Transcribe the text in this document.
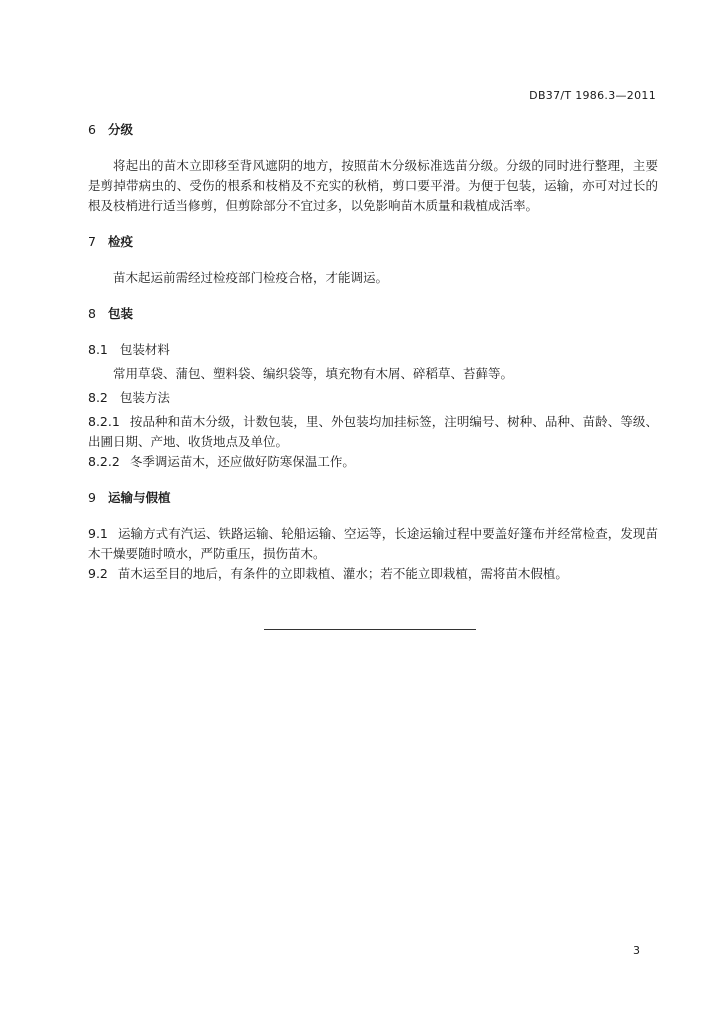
DB37/T 1986.3—2011

6 分级

将起出的苗木立即移至背风遮阴的地方，按照苗木分级标准选苗分级。分级的同时进行整理，主要是剪掉带病虫的、受伤的根系和枝梢及不充实的秋梢，剪口要平滑。为便于包装，运输，亦可对过长的根及枝梢进行适当修剪，但剪除部分不宜过多，以免影响苗木质量和栽植成活率。

7 检疫

苗木起运前需经过检疫部门检疫合格，才能调运。

8 包装

8.1 包装材料

常用草袋、蒲包、塑料袋、编织袋等，填充物有木屑、碎稻草、苔藓等。

8.2 包装方法

8.2.1 按品种和苗木分级，计数包装，里、外包装均加挂标签，注明编号、树种、品种、苗龄、等级、出圃日期、产地、收货地点及单位。

8.2.2 冬季调运苗木，还应做好防寒保温工作。

9 运输与假植

9.1 运输方式有汽运、铁路运输、轮船运输、空运等，长途运输过程中要盖好篷布并经常检查，发现苗木干燥要随时喷水，严防重压，损伤苗木。

9.2 苗木运至目的地后，有条件的立即栽植、灌水；若不能立即栽植，需将苗木假植。

3
